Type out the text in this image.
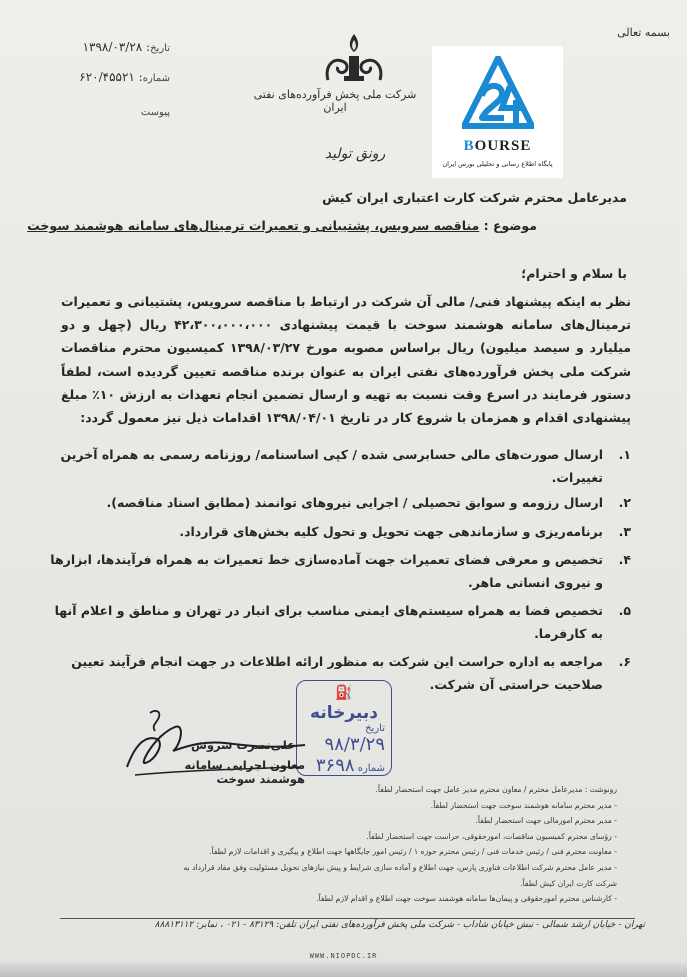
بسمه تعالی
تاریخ: ۱۳۹۸/۰۳/۲۸
شماره: ۶۲۰/۴۵۵۲۱
پیوست
شرکت ملی پخش فرآورده‌های نفتی ایران
رونق تولید	BOURSE
پایگاه اطلاع رسانی و تحلیلی بورس ایران
مدیرعامل محترم شرکت کارت اعتباری ایران کیش
موضوع : مناقصه سرویس، پشتیبانی و تعمیرات ترمینال‌های سامانه هوشمند سوخت
با سلام و احترام؛
نظر به اینکه پیشنهاد فنی/ مالی آن شرکت در ارتباط با مناقصه سرویس، پشتیبانی و تعمیرات ترمینال‌های سامانه هوشمند سوخت با قیمت پیشنهادی ۴۲،۳۰۰،۰۰۰،۰۰۰ ریال (چهل و دو میلیارد و سیصد میلیون) ریال براساس مصوبه مورخ ۱۳۹۸/۰۳/۲۷ کمیسیون محترم مناقصات شرکت ملی پخش فرآورده‌های نفتی ایران به عنوان برنده مناقصه تعیین گردیده است، لطفاً دستور فرمایند در اسرع وقت نسبت به تهیه و ارسال تضمین انجام تعهدات به ارزش ۱۰٪ مبلغ پیشنهادی اقدام و همزمان با شروع کار در تاریخ ۱۳۹۸/۰۴/۰۱ اقدامات ذیل نیز معمول گردد:
۱.
ارسال صورت‌های مالی حسابرسی شده / کپی اساسنامه/ روزنامه رسمی به همراه آخرین تغییرات.
۲.
ارسال رزومه و سوابق تحصیلی / اجرایی نیروهای توانمند (مطابق اسناد مناقصه).
۳.
برنامه‌ریزی و سازماندهی جهت تحویل و تحول کلیه بخش‌های قرارداد.
۴.
تخصیص و معرفی فضای تعمیرات جهت آماده‌سازی خط تعمیرات به همراه فرآیندها، ابزارها و نیروی انسانی ماهر.
۵.
تخصیص فضا به همراه سیستم‌های ایمنی مناسب برای انبار در تهران و مناطق و اعلام آنها به کارفرما.
۶.
مراجعه به اداره حراست این شرکت به منظور ارائه اطلاعات در جهت انجام فرآیند تعیین صلاحیت حراستی آن شرکت.
⛽
دبیرخانه
تاریخ ۹۸/۳/۲۹
شماره ۳۶۹۸
علی‌نصرت سروش
معاون اجرایی سامانه هوشمند سوخت
رونوشت : مدیرعامل محترم / معاون محترم مدیر عامل جهت استحضار لطفاً.
- مدیر محترم سامانه هوشمند سوخت جهت استحضار لطفاً.
- مدیر محترم امورمالی جهت استحضار لطفاً.
- رؤسای محترم کمیسیون مناقصات، امورحقوقی، حراست جهت استحضار لطفاً.
- معاونت محترم فنی / رئیس خدمات فنی / رئیس محترم حوزه ۱ / رئیس امور جایگاهها جهت اطلاع و پیگیری و اقدامات لازم لطفاً.
- مدیر عامل محترم شرکت اطلاعات فناوری پارس، جهت اطلاع و آماده سازی شرایط و پیش نیازهای تحویل مسئولیت وفق مفاد قرارداد به
شرکت کارت ایران کیش لطفاً.
- کارشناس محترم امورحقوقی و پیمان‌ها سامانه هوشمند سوخت جهت اطلاع و اقدام لازم لطفاً.
تهران - خیابان ارشد شمالی - نبش خیابان شاداب - شرکت ملی پخش فرآورده‌های نفتی ایران تلفن: ۸۳۱۲۹ - ۰۲۱ ، نمابر: ۸۸۸۱۳۱۱۲
WWW.NIOPDC.IR
